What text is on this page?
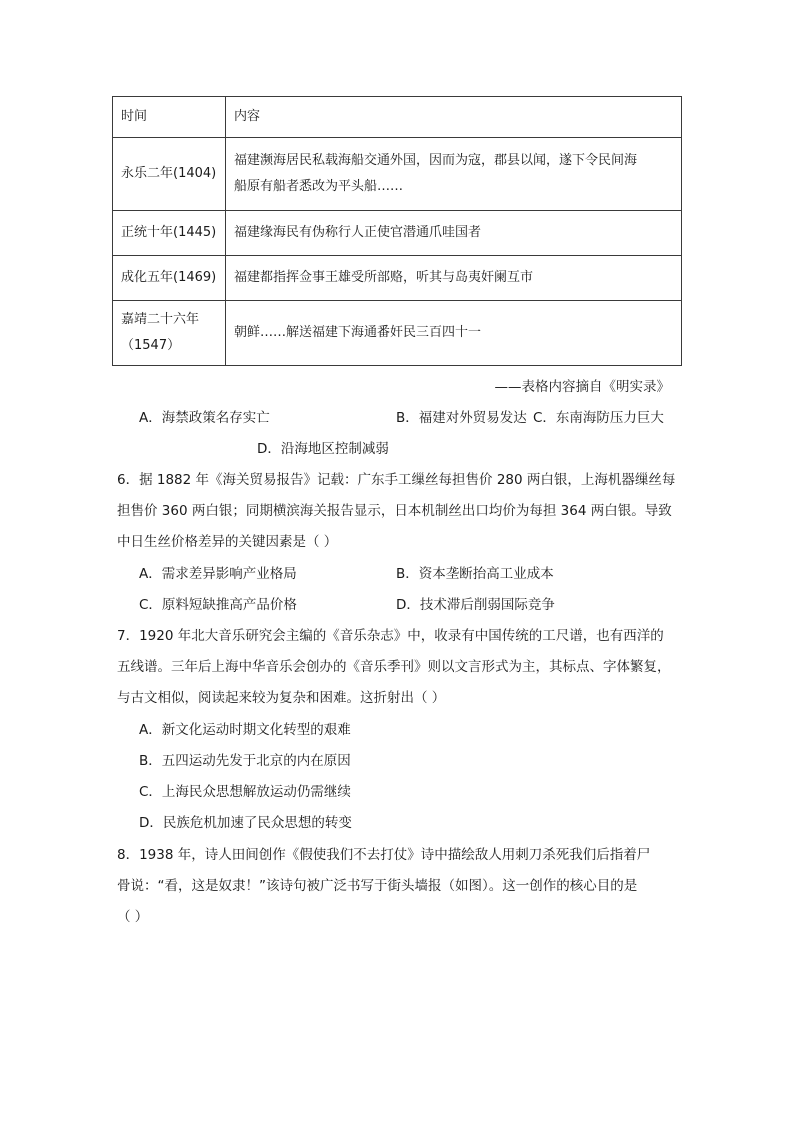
时间	内容
永乐二年(1404)	福建濒海居民私载海船交通外国，因而为寇，郡县以闻，遂下令民间海
船原有船者悉改为平头船……

正统十年(1445)	福建缘海民有伪称行人正使官潜通爪哇国者
成化五年(1469)	福建都指挥佥事王雄受所部赂，听其与岛夷奸阑互市

嘉靖二十六年
（1547）	朝鲜……解送福建下海通番奸民三百四十一
——表格内容摘自《明实录》
A．海禁政策名存实亡	B．福建对外贸易发达 C．东南海防压力巨大
D．沿海地区控制减弱
6．据 1882 年《海关贸易报告》记载：广东手工缫丝每担售价 280 两白银，上海机器缫丝每
担售价 360 两白银；同期横滨海关报告显示，日本机制丝出口均价为每担 364 两白银。导致
中日生丝价格差异的关键因素是（ ）
A．需求差异影响产业格局	B．资本垄断抬高工业成本
C．原料短缺推高产品价格	D．技术滞后削弱国际竞争
7．1920 年北大音乐研究会主编的《音乐杂志》中，收录有中国传统的工尺谱，也有西洋的
五线谱。三年后上海中华音乐会创办的《音乐季刊》则以文言形式为主，其标点、字体繁复，
与古文相似，阅读起来较为复杂和困难。这折射出（ ）
A．新文化运动时期文化转型的艰难
B．五四运动先发于北京的内在原因
C．上海民众思想解放运动仍需继续
D．民族危机加速了民众思想的转变
8．1938 年，诗人田间创作《假使我们不去打仗》诗中描绘敌人用刺刀杀死我们后指着尸
骨说：“看，这是奴隶！”该诗句被广泛书写于街头墙报（如图）。这一创作的核心目的是
（ ）
